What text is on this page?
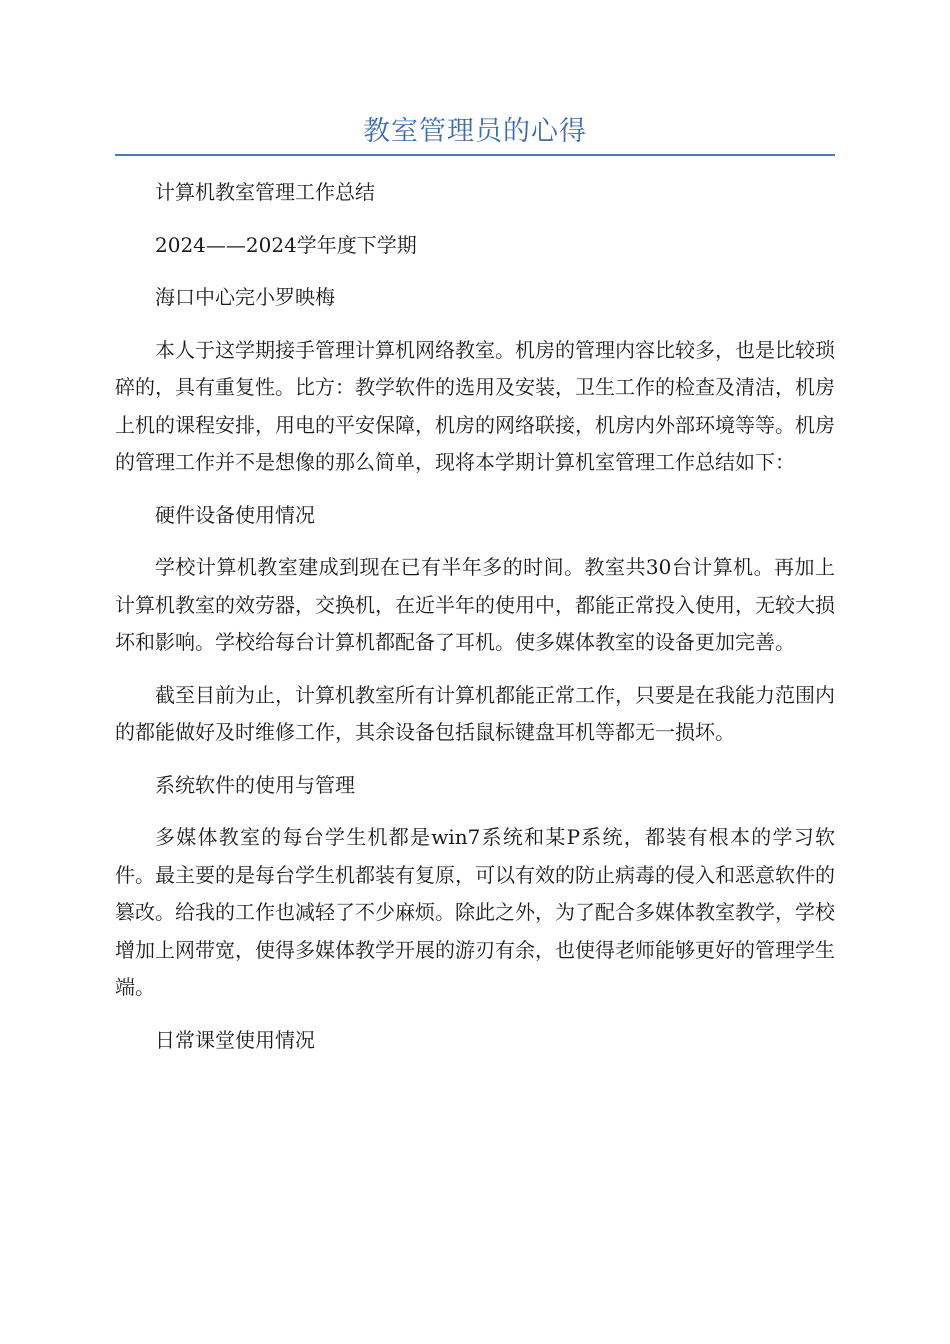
教室管理员的心得

计算机教室管理工作总结

2024——2024学年度下学期

海口中心完小罗映梅

本人于这学期接手管理计算机网络教室。机房的管理内容比较多，也是比较琐碎的，具有重复性。比方：教学软件的选用及安装，卫生工作的检查及清洁，机房上机的课程安排，用电的平安保障，机房的网络联接，机房内外部环境等等。机房的管理工作并不是想像的那么简单，现将本学期计算机室管理工作总结如下：

硬件设备使用情况

学校计算机教室建成到现在已有半年多的时间。教室共30台计算机。再加上计算机教室的效劳器，交换机，在近半年的使用中，都能正常投入使用，无较大损坏和影响。学校给每台计算机都配备了耳机。使多媒体教室的设备更加完善。

截至目前为止，计算机教室所有计算机都能正常工作，只要是在我能力范围内的都能做好及时维修工作，其余设备包括鼠标键盘耳机等都无一损坏。

系统软件的使用与管理

多媒体教室的每台学生机都是win7系统和某P系统，都装有根本的学习软件。最主要的是每台学生机都装有复原，可以有效的防止病毒的侵入和恶意软件的篡改。给我的工作也减轻了不少麻烦。除此之外，为了配合多媒体教室教学，学校增加上网带宽，使得多媒体教学开展的游刃有余，也使得老师能够更好的管理学生端。

日常课堂使用情况
